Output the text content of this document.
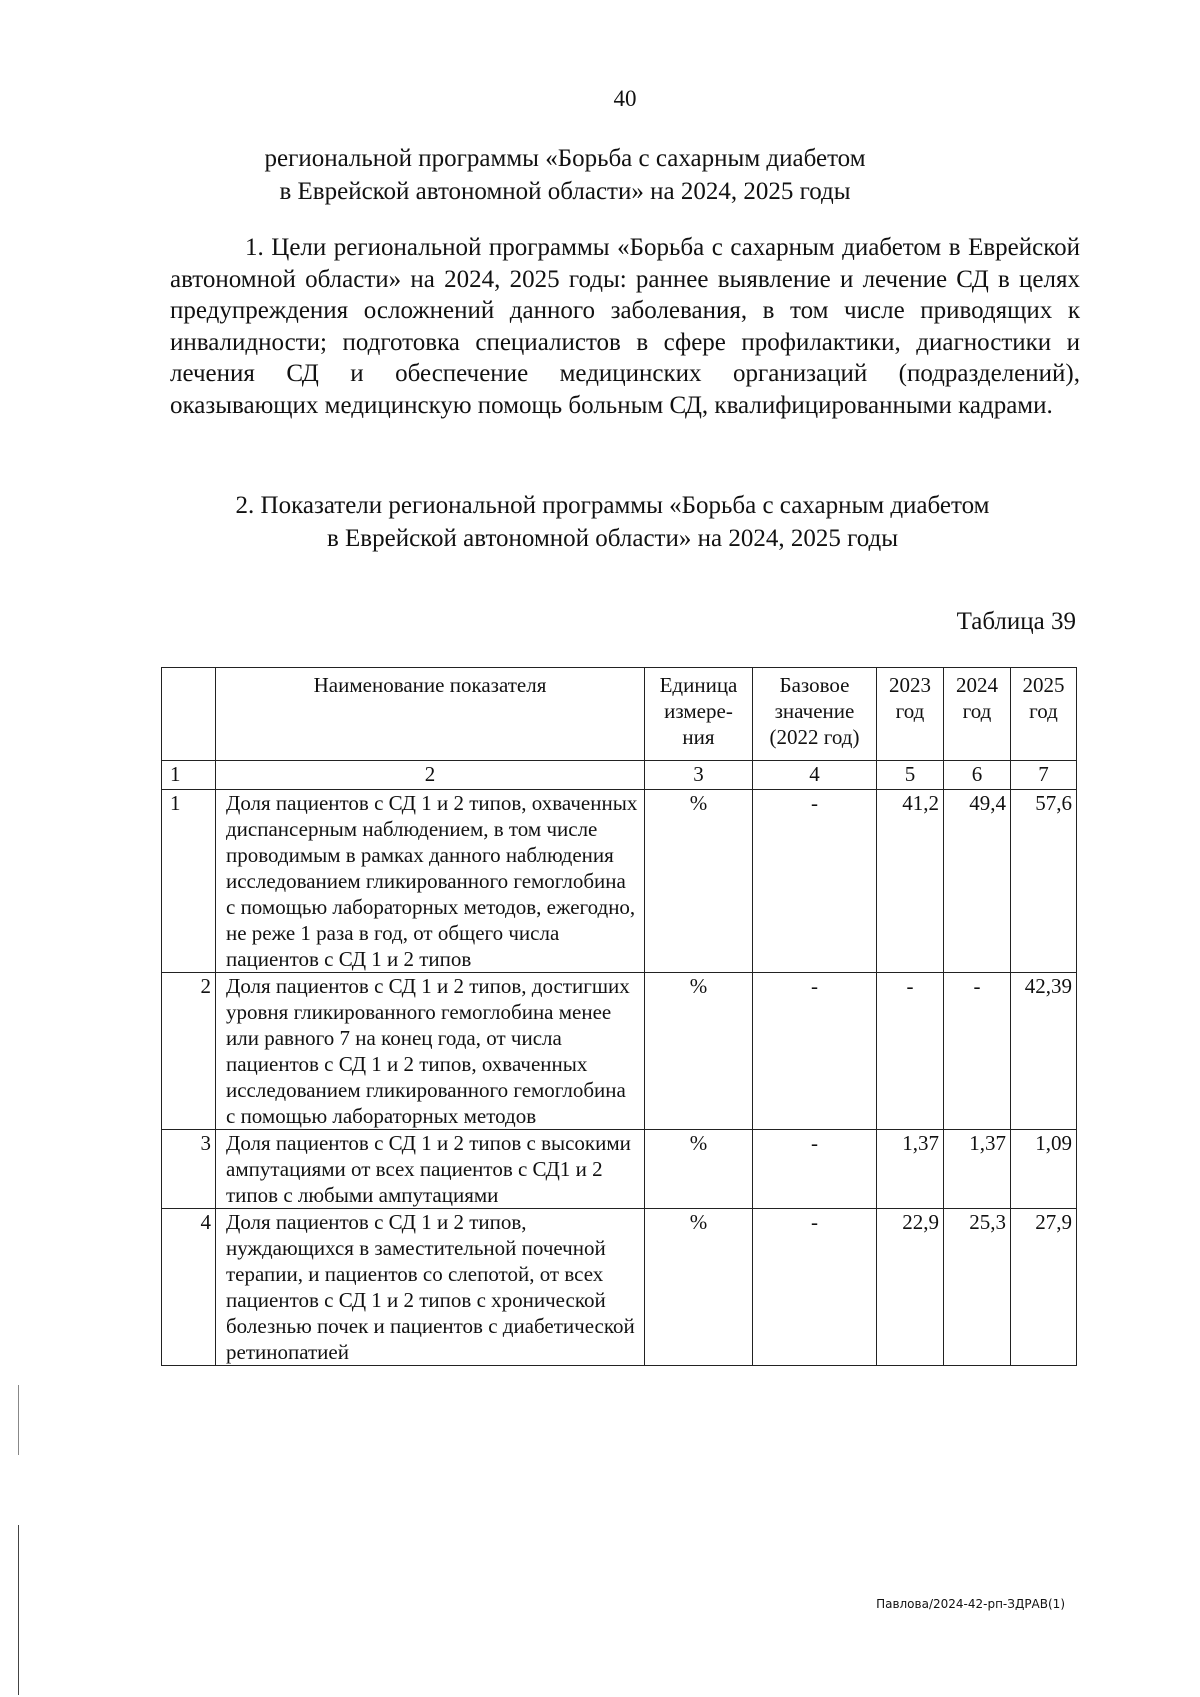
40
региональной программы «Борьба с сахарным диабетом
в Еврейской автономной области» на 2024, 2025 годы
1. Цели региональной программы «Борьба с сахарным диабетом в Еврейской автономной области» на 2024, 2025 годы: раннее выявление и лечение СД в целях предупреждения осложнений данного заболевания, в том числе приводящих к инвалидности; подготовка специалистов в сфере профилактики, диагностики и лечения СД и обеспечение медицинских организаций (подразделений), оказывающих медицинскую помощь больным СД, квалифицированными кадрами.
2. Показатели региональной программы «Борьба с сахарным диабетом
в Еврейской автономной области» на 2024, 2025 годы
Таблица 39
	Наименование показателя	Единица измере-ния	Базовое значение (2022 год)	2023 год	2024 год	2025 год
1	2	3	4	5	6	7
1	Доля пациентов с СД 1 и 2 типов, охваченных диспансерным наблюдением, в том числе проводимым в рамках данного наблюдения исследованием гликированного гемоглобина с помощью лабораторных методов, ежегодно, не реже 1 раза в год, от общего числа пациентов с СД 1 и 2 типов	%	-	41,2	49,4	57,6
2	Доля пациентов с СД 1 и 2 типов, достигших уровня гликированного гемоглобина менее или равного 7 на конец года, от числа пациентов с СД 1 и 2 типов, охваченных исследованием гликированного гемоглобина с помощью лабораторных методов	%	-	-	-	42,39
3	Доля пациентов с СД 1 и 2 типов с высокими ампутациями от всех пациентов с СД1 и 2 типов с любыми ампутациями	%	-	1,37	1,37	1,09
4	Доля пациентов с СД 1 и 2 типов, нуждающихся в заместительной почечной терапии, и пациентов со слепотой, от всех пациентов с СД 1 и 2 типов с хронической болезнью почек и пациентов с диабетической ретинопатией	%	-	22,9	25,3	27,9
Павлова/2024-42-рп-ЗДРАВ(1)
